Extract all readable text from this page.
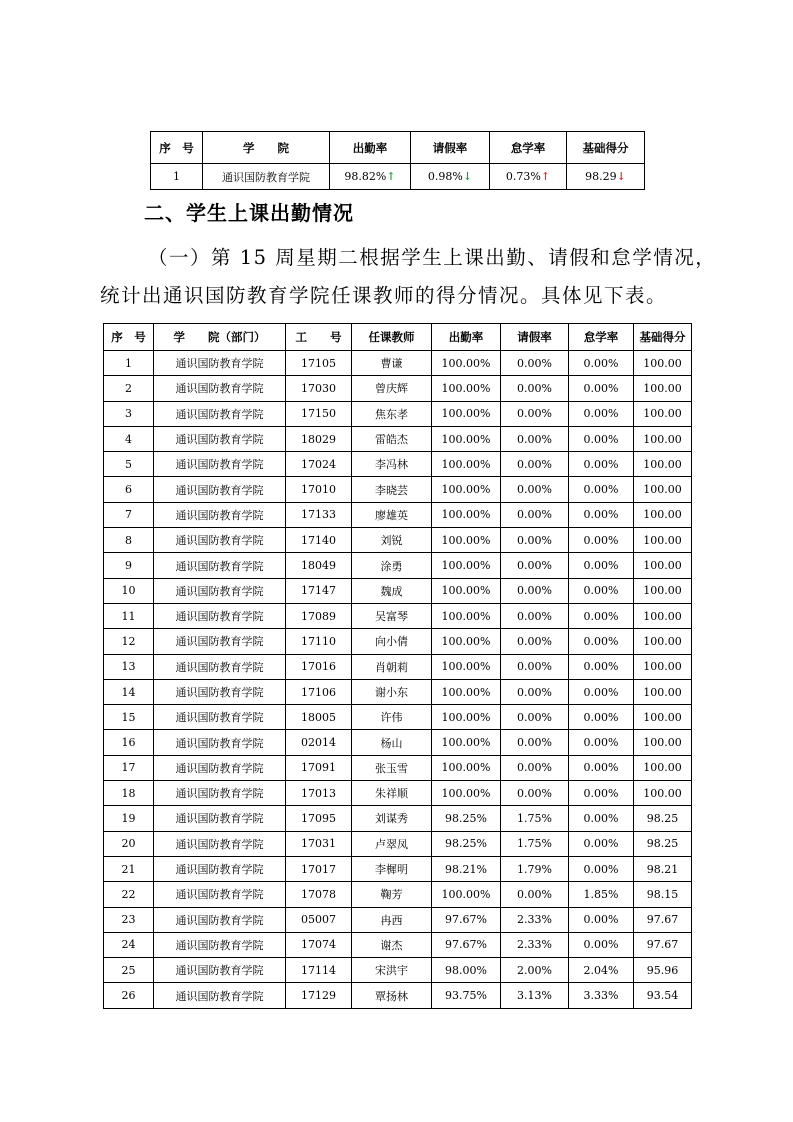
序　号	学　　院	出勤率	请假率	怠学率	基础得分
1	通识国防教育学院	98.82%↑	0.98%↓	0.73%↑	98.29↓
二、学生上课出勤情况

（一）第 15 周星期二根据学生上课出勤、请假和怠学情况，

统计出通识国防教育学院任课教师的得分情况。具体见下表。

序　号	学　　院（部门）	工　　号	任课教师	出勤率	请假率	怠学率	基础得分
1	通识国防教育学院	17105	曹谦	100.00%	0.00%	0.00%	100.00
2	通识国防教育学院	17030	曾庆辉	100.00%	0.00%	0.00%	100.00
3	通识国防教育学院	17150	焦东孝	100.00%	0.00%	0.00%	100.00
4	通识国防教育学院	18029	雷皓杰	100.00%	0.00%	0.00%	100.00
5	通识国防教育学院	17024	李冯林	100.00%	0.00%	0.00%	100.00
6	通识国防教育学院	17010	李晓芸	100.00%	0.00%	0.00%	100.00
7	通识国防教育学院	17133	廖雄英	100.00%	0.00%	0.00%	100.00
8	通识国防教育学院	17140	刘锐	100.00%	0.00%	0.00%	100.00
9	通识国防教育学院	18049	涂勇	100.00%	0.00%	0.00%	100.00
10	通识国防教育学院	17147	魏成	100.00%	0.00%	0.00%	100.00
11	通识国防教育学院	17089	吴富琴	100.00%	0.00%	0.00%	100.00
12	通识国防教育学院	17110	向小倩	100.00%	0.00%	0.00%	100.00
13	通识国防教育学院	17016	肖朝莉	100.00%	0.00%	0.00%	100.00
14	通识国防教育学院	17106	谢小东	100.00%	0.00%	0.00%	100.00
15	通识国防教育学院	18005	许伟	100.00%	0.00%	0.00%	100.00
16	通识国防教育学院	02014	杨山	100.00%	0.00%	0.00%	100.00
17	通识国防教育学院	17091	张玉雪	100.00%	0.00%	0.00%	100.00
18	通识国防教育学院	17013	朱祥顺	100.00%	0.00%	0.00%	100.00
19	通识国防教育学院	17095	刘谋秀	98.25%	1.75%	0.00%	98.25
20	通识国防教育学院	17031	卢翠凤	98.25%	1.75%	0.00%	98.25
21	通识国防教育学院	17017	李樨明	98.21%	1.79%	0.00%	98.21
22	通识国防教育学院	17078	鞠芳	100.00%	0.00%	1.85%	98.15
23	通识国防教育学院	05007	冉西	97.67%	2.33%	0.00%	97.67
24	通识国防教育学院	17074	谢杰	97.67%	2.33%	0.00%	97.67
25	通识国防教育学院	17114	宋洪宇	98.00%	2.00%	2.04%	95.96
26	通识国防教育学院	17129	覃扬林	93.75%	3.13%	3.33%	93.54
